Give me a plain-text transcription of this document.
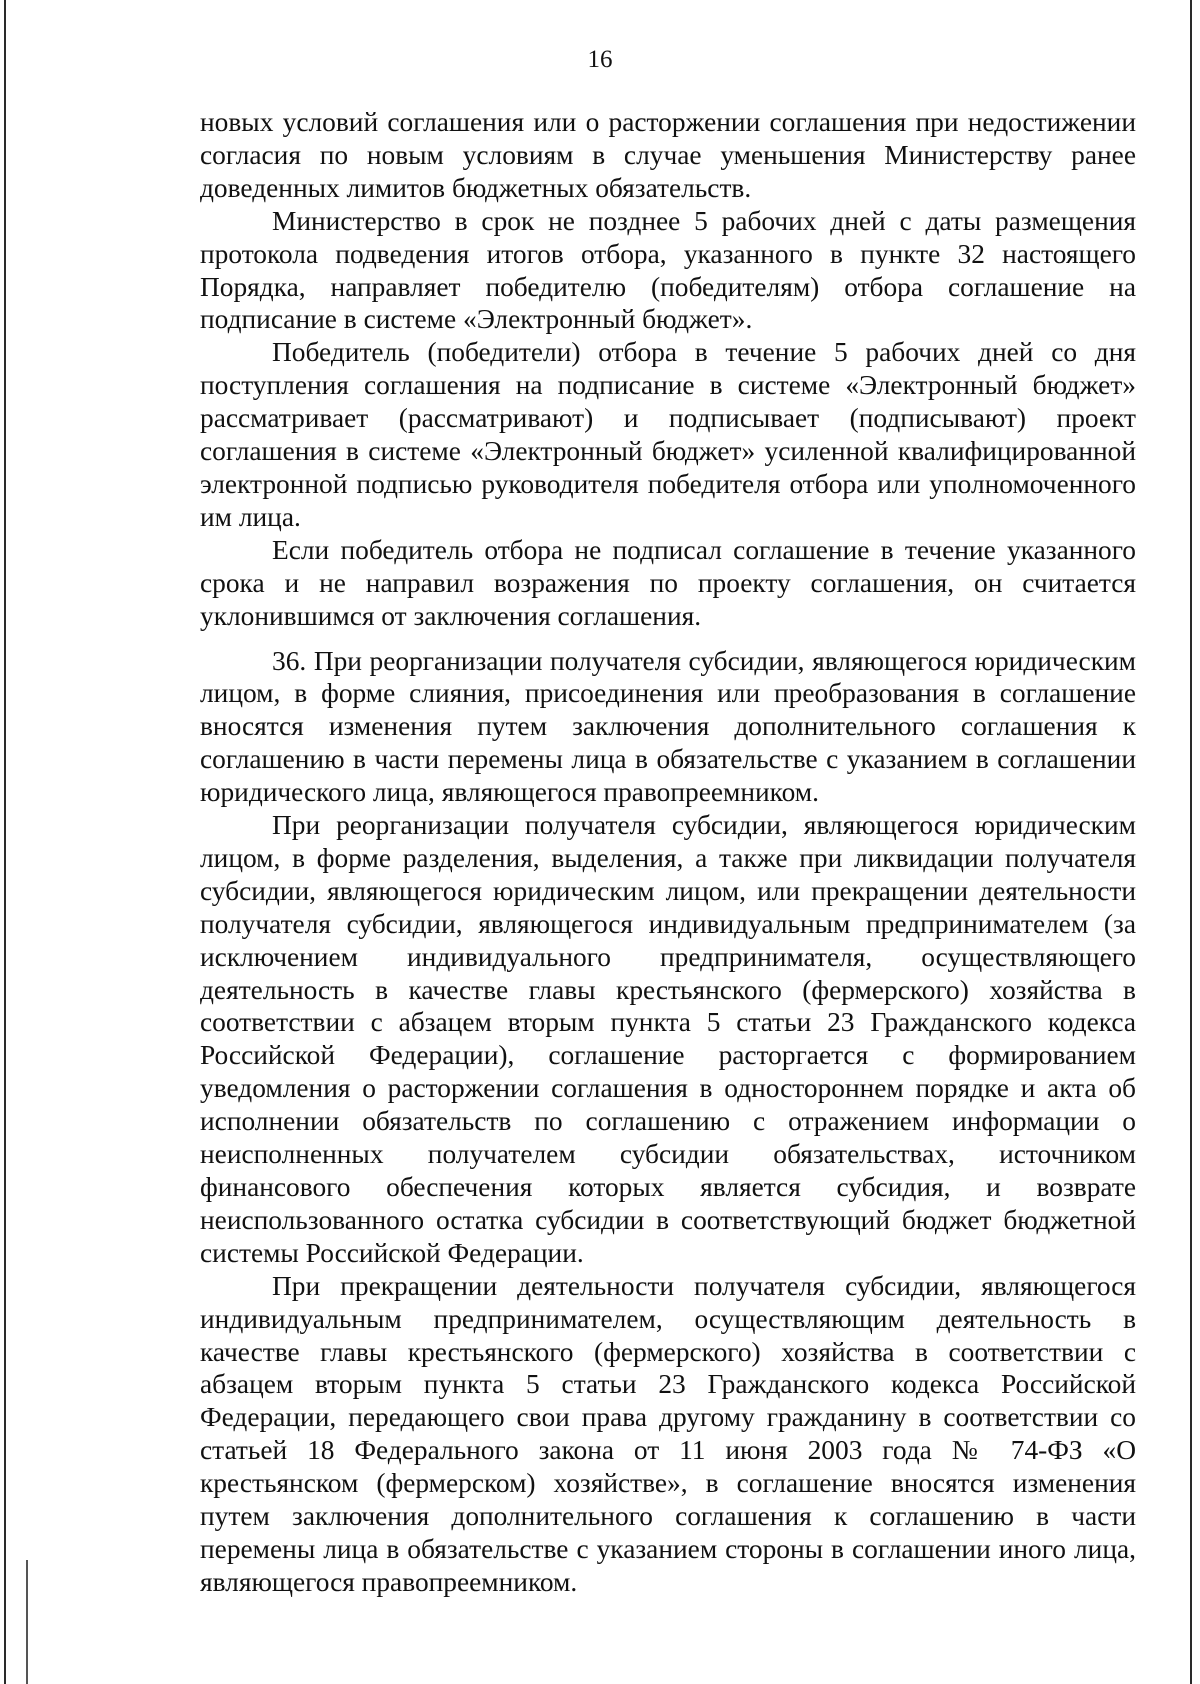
16

новых условий соглашения или о расторжении соглашения при недостижении согласия по новым условиям в случае уменьшения Министерству ранее доведенных лимитов бюджетных обязательств.

Министерство в срок не позднее 5 рабочих дней с даты размещения протокола подведения итогов отбора, указанного в пункте 32 настоящего Порядка, направляет победителю (победителям) отбора соглашение на подписание в системе «Электронный бюджет».

Победитель (победители) отбора в течение 5 рабочих дней со дня поступления соглашения на подписание в системе «Электронный бюджет» рассматривает (рассматривают) и подписывает (подписывают) проект соглашения в системе «Электронный бюджет» усиленной квалифицированной электронной подписью руководителя победителя отбора или уполномоченного им лица.

Если победитель отбора не подписал соглашение в течение указанного срока и не направил возражения по проекту соглашения, он считается уклонившимся от заключения соглашения.

36. При реорганизации получателя субсидии, являющегося юридическим лицом, в форме слияния, присоединения или преобразования в соглашение вносятся изменения путем заключения дополнительного соглашения к соглашению в части перемены лица в обязательстве с указанием в соглашении юридического лица, являющегося правопреемником.

При реорганизации получателя субсидии, являющегося юридическим лицом, в форме разделения, выделения, а также при ликвидации получателя субсидии, являющегося юридическим лицом, или прекращении деятельности получателя субсидии, являющегося индивидуальным предпринимателем (за исключением индивидуального предпринимателя, осуществляющего деятельность в качестве главы крестьянского (фермерского) хозяйства в соответствии с абзацем вторым пункта 5 статьи 23 Гражданского кодекса Российской Федерации), соглашение расторгается с формированием уведомления о расторжении соглашения в одностороннем порядке и акта об исполнении обязательств по соглашению с отражением информации о неисполненных получателем субсидии обязательствах, источником финансового обеспечения которых является субсидия, и возврате неиспользованного остатка субсидии в соответствующий бюджет бюджетной системы Российской Федерации.

При прекращении деятельности получателя субсидии, являющегося индивидуальным предпринимателем, осуществляющим деятельность в качестве главы крестьянского (фермерского) хозяйства в соответствии с абзацем вторым пункта 5 статьи 23 Гражданского кодекса Российской Федерации, передающего свои права другому гражданину в соответствии со статьей 18 Федерального закона от 11 июня 2003 года № 74-ФЗ «О крестьянском (фермерском) хозяйстве», в соглашение вносятся изменения путем заключения дополнительного соглашения к соглашению в части перемены лица в обязательстве с указанием стороны в соглашении иного лица, являющегося правопреемником.
